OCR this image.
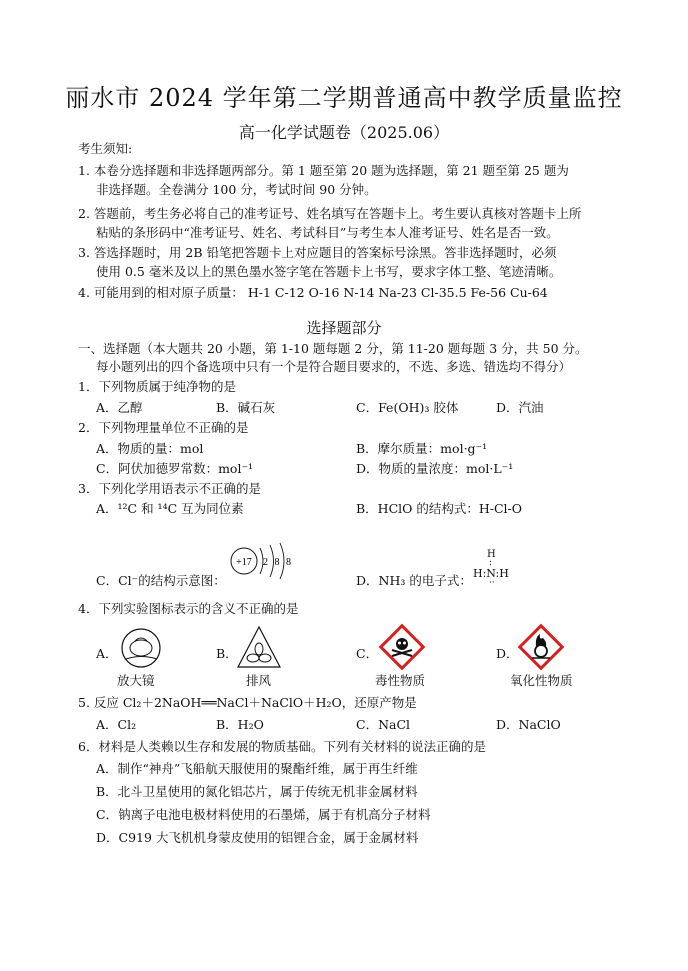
丽水市 2024 学年第二学期普通高中教学质量监控
高一化学试题卷（2025.06）
考生须知:
1. 本卷分选择题和非选择题两部分。第 1 题至第 20 题为选择题，第 21 题至第 25 题为
非选择题。全卷满分 100 分，考试时间 90 分钟。
2. 答题前，考生务必将自己的准考证号、姓名填写在答题卡上。考生要认真核对答题卡上所
粘贴的条形码中“准考证号、姓名、考试科目”与考生本人准考证号、姓名是否一致。
3. 答选择题时，用 2B 铅笔把答题卡上对应题目的答案标号涂黑。答非选择题时，必须
使用 0.5 毫米及以上的黑色墨水签字笔在答题卡上书写，要求字体工整、笔迹清晰。
4. 可能用到的相对原子质量： H-1 C-12 O-16 N-14 Na-23 Cl-35.5 Fe-56 Cu-64
选择题部分
一、选择题（本大题共 20 小题，第 1-10 题每题 2 分，第 11-20 题每题 3 分，共 50 分。
每小题列出的四个备选项中只有一个是符合题目要求的，不选、多选、错选均不得分）
1．下列物质属于纯净物的是
A．乙醇	B．碱石灰	C．Fe(OH)₃ 胶体	D．汽油
2．下列物理量单位不正确的是
A．物质的量：mol	B．摩尔质量：mol·g⁻¹
C．阿伏加德罗常数：mol⁻¹	D．物质的量浓度：mol·L⁻¹
3．下列化学用语表示不正确的是
A．¹²C 和 ¹⁴C 互为同位素	B．HClO 的结构式：H-Cl-O
C．Cl⁻的结构示意图：
+17 2 8 8
D．NH₃ 的电子式：
H
:
H:N:H
··
4．下列实验图标表示的含义不正确的是
A．
放大镜
B．
排风
C．
毒性物质
D．
氧化性物质
5. 反应 Cl₂＋2NaOH══NaCl＋NaClO＋H₂O，还原产物是
A．Cl₂	B．H₂O	C．NaCl	D．NaClO
6．材料是人类赖以生存和发展的物质基础。下列有关材料的说法正确的是
A．制作“神舟”飞船航天服使用的聚酯纤维，属于再生纤维
B．北斗卫星使用的氮化铝芯片，属于传统无机非金属材料
C．钠离子电池电极材料使用的石墨烯，属于有机高分子材料
D．C919 大飞机机身蒙皮使用的铝锂合金，属于金属材料
